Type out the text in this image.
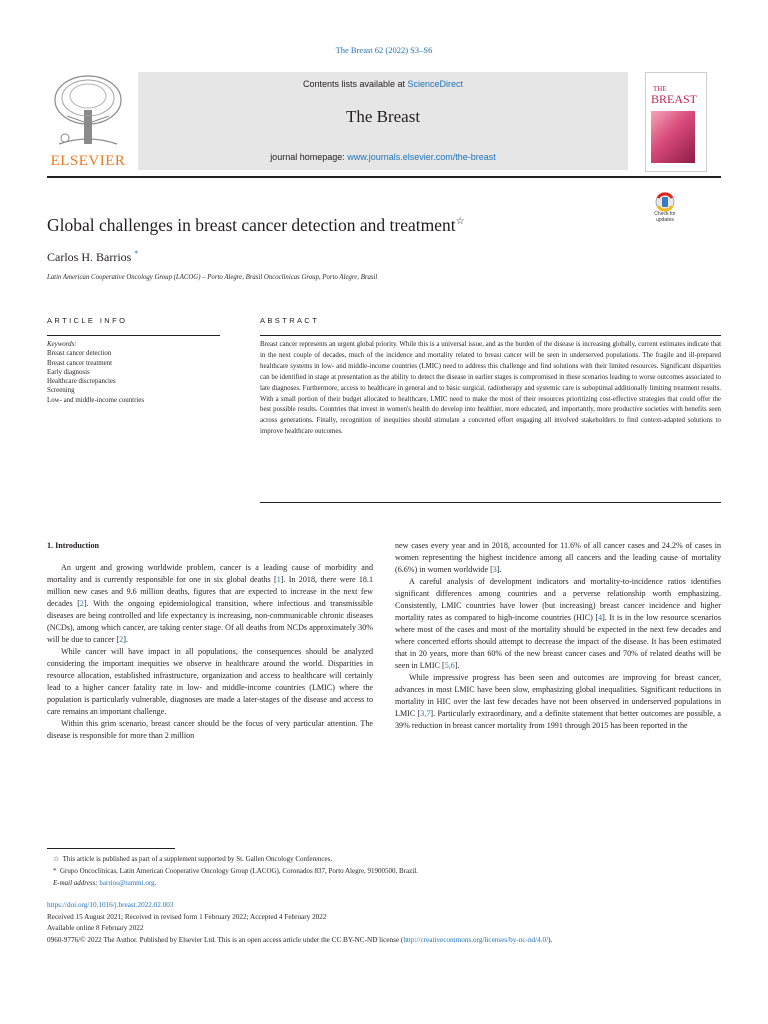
The Breast 62 (2022) S3–S6
ELSEVIER
Contents lists available at ScienceDirect
The Breast
journal homepage: www.journals.elsevier.com/the-breast
THE
BREAST
Check for
updates
Global challenges in breast cancer detection and treatment☆
Carlos H. Barrios *
Latin American Cooperative Oncology Group (LACOG) – Porto Alegre, Brasil Oncoclinicas Group, Porto Alegre, Brasil
ARTICLE INFO
Keywords:
Breast cancer detection
Breast cancer treatment
Early diagnosis
Healthcare discrepancies
Screening
Low- and middle-income countries
ABSTRACT
Breast cancer represents an urgent global priority. While this is a universal issue, and as the burden of the disease is increasing globally, current estimates indicate that in the next couple of decades, much of the incidence and mortality related to breast cancer will be seen in underserved populations. The fragile and ill-prepared healthcare systems in low- and middle-income countries (LMIC) need to address this challenge and find solutions with their limited resources. Significant disparities can be identified in stage at presentation as the ability to detect the disease in earlier stages is compromised in these scenarios leading to worse outcomes associated to late diagnoses. Furthermore, access to healthcare in general and to basic surgical, radiotherapy and systemic care is suboptimal additionally limiting treatment results. With a small portion of their budget allocated to healthcare, LMIC need to make the most of their resources prioritizing cost-effective strategies that could offer the best possible results. Countries that invest in women's health do develop into healthier, more educated, and importantly, more productive societies with benefits seen across generations. Finally, recognition of inequities should stimulate a concerted effort engaging all involved stakeholders to find context-adapted solutions to improve healthcare outcomes.

1. Introduction

An urgent and growing worldwide problem, cancer is a leading cause of morbidity and mortality and is currently responsible for one in six global deaths [1]. In 2018, there were 18.1 million new cases and 9.6 million deaths, figures that are expected to increase in the next few decades [2]. With the ongoing epidemiological transition, where infectious and transmissible diseases are being controlled and life expectancy is increasing, non-communicable chronic diseases (NCDs), among which cancer, are taking center stage. Of all deaths from NCDs approximately 30% will be due to cancer [2].

While cancer will have impact in all populations, the consequences should be analyzed considering the important inequities we observe in healthcare around the world. Disparities in resource allocation, established infrastructure, organization and access to healthcare will certainly lead to a higher cancer fatality rate in low- and middle-income countries (LMIC) where the population is particularly vulnerable, diagnoses are made a later-stages of the disease and access to care remains an important challenge.

Within this grim scenario, breast cancer should be the focus of very particular attention. The disease is responsible for more than 2 million

new cases every year and in 2018, accounted for 11.6% of all cancer cases and 24.2% of cases in women representing the highest incidence among all cancers and the leading cause of mortality (6.6%) in women worldwide [3].

A careful analysis of development indicators and mortality-to-incidence ratios identifies significant differences among countries and a perverse relationship worth emphasizing. Consistently, LMIC countries have lower (but increasing) breast cancer incidence and higher mortality rates as compared to high-income countries (HIC) [4]. It is in the low resource scenarios where most of the cases and most of the mortality should be expected in the next few decades and where concerted efforts should attempt to decrease the impact of the disease. It has been estimated that in 20 years, more than 60% of the new breast cancer cases and 70% of related deaths will be seen in LMIC [5,6].

While impressive progress has been seen and outcomes are improving for breast cancer, advances in most LMIC have been slow, emphasizing global inequalities. Significant reductions in mortality in HIC over the last few decades have not been observed in underserved populations in LMIC [3,7]. Particularly extraordinary, and a definite statement that better outcomes are possible, a 39% reduction in breast cancer mortality from 1991 through 2015 has been reported in the

☆ This article is published as part of a supplement supported by St. Gallen Oncology Conferences.
* Grupo Oncoclínicas, Latin American Cooperative Oncology Group (LACOG), Coronados 837, Porto Alegre, 91900500, Brazil.
E-mail address: barrios@tummi.org.
https://doi.org/10.1016/j.breast.2022.02.003
Received 15 August 2021; Received in revised form 1 February 2022; Accepted 4 February 2022
Available online 8 February 2022
0960-9776/© 2022 The Author. Published by Elsevier Ltd. This is an open access article under the CC BY-NC-ND license (http://creativecommons.org/licenses/by-nc-nd/4.0/).
